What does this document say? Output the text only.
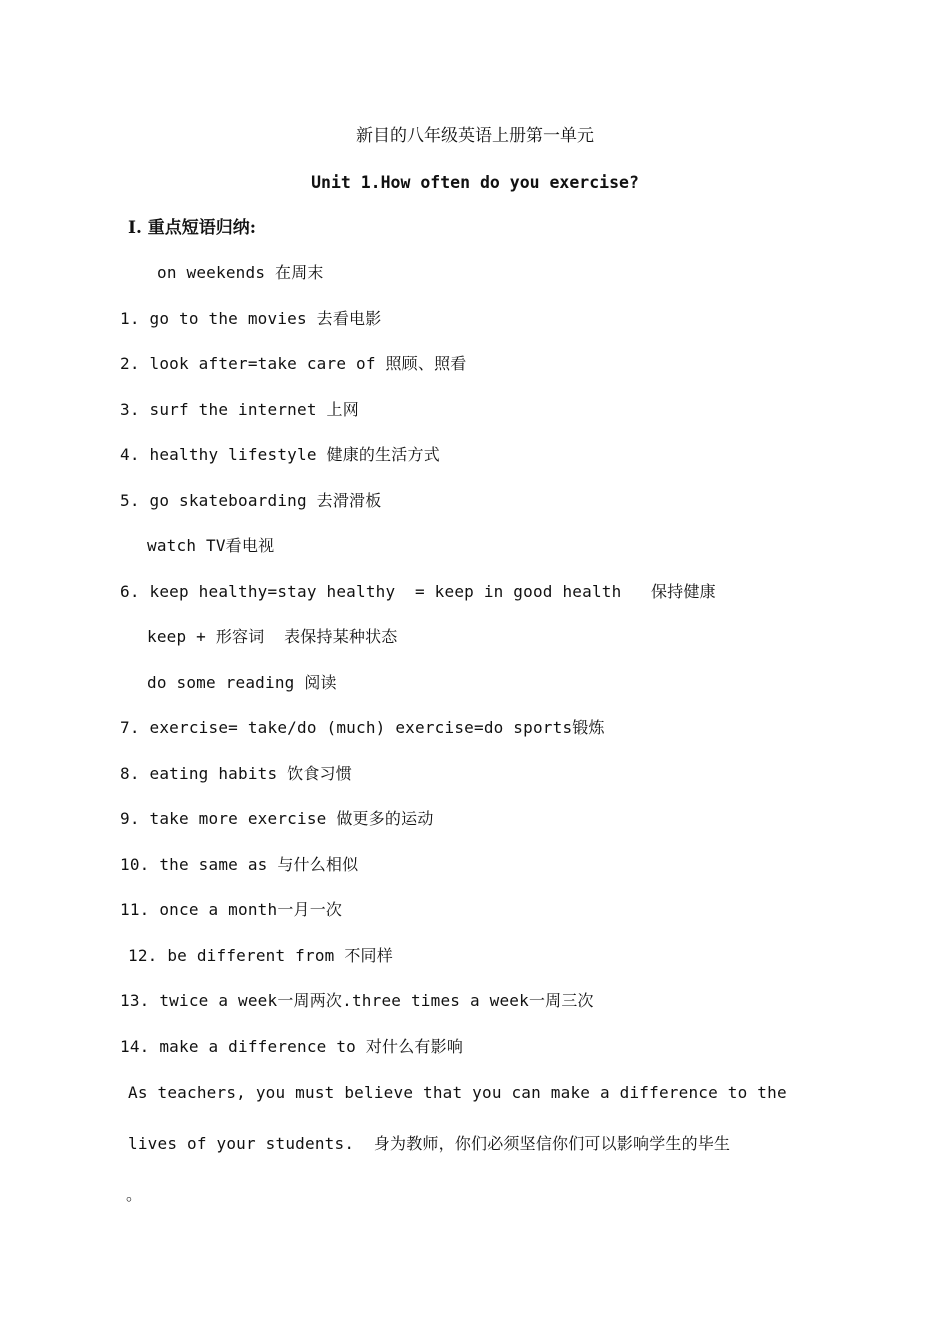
新目的八年级英语上册第一单元
Unit 1.How often do you exercise?
I. 重点短语归纳:
on weekends 在周末
1. go to the movies 去看电影
2. look after=take care of 照顾、照看
3. surf the internet 上网
4. healthy lifestyle 健康的生活方式
5. go skateboarding 去滑滑板
watch TV看电视
6. keep healthy=stay healthy  = keep in good health   保持健康
keep + 形容词  表保持某种状态
do some reading 阅读
7. exercise= take/do (much) exercise=do sports锻炼
8. eating habits 饮食习惯
9. take more exercise 做更多的运动
10. the same as 与什么相似
11. once a month一月一次
12. be different from 不同样
13. twice a week一周两次.three times a week一周三次
14. make a difference to 对什么有影响
As teachers, you must believe that you can make a difference to the
lives of your students.  身为教师，你们必须坚信你们可以影响学生的毕生
。
